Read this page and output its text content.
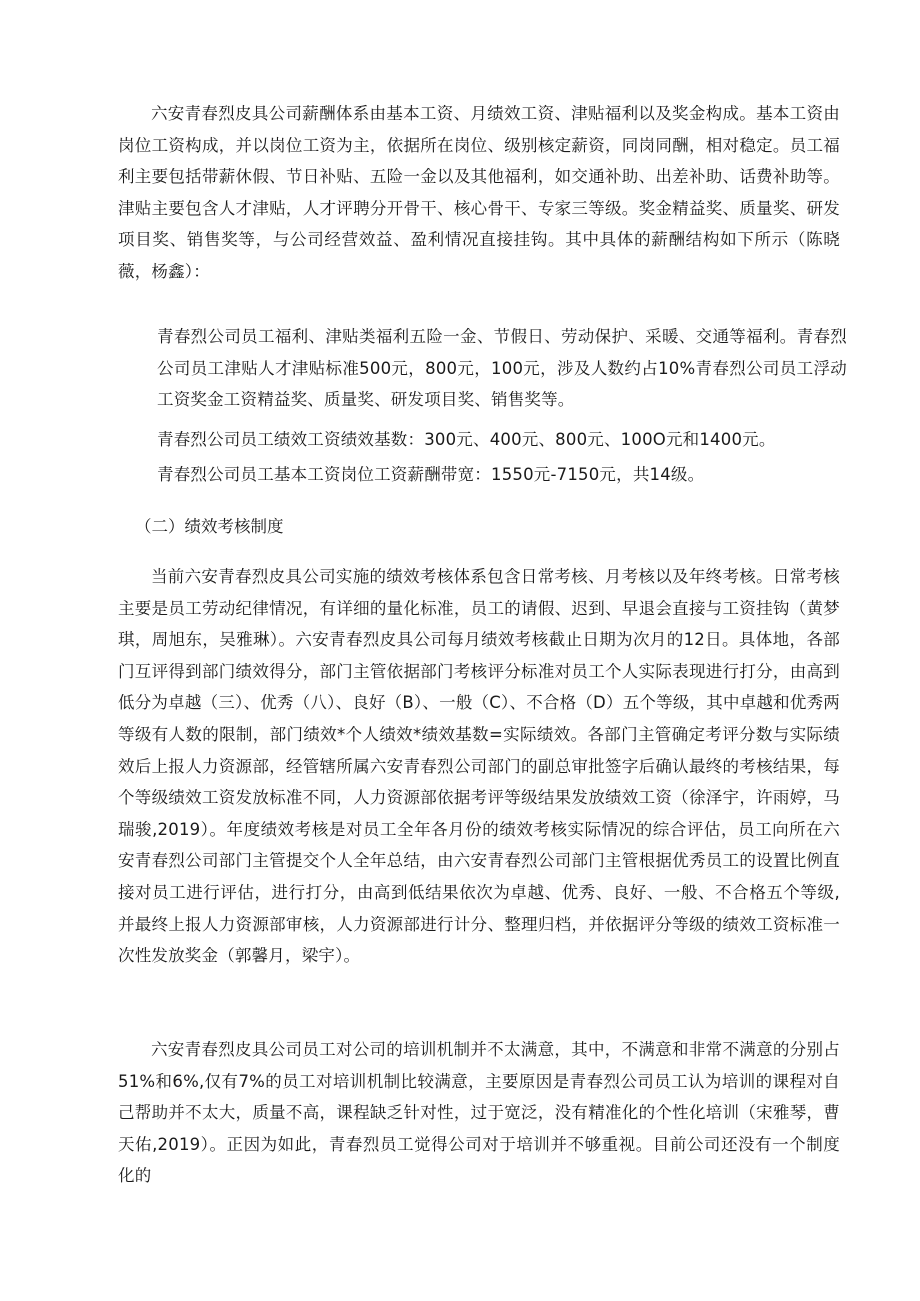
六安青春烈皮具公司薪酬体系由基本工资、月绩效工资、津贴福利以及奖金构成。基本工资由岗位工资构成，并以岗位工资为主，依据所在岗位、级别核定薪资，同岗同酬，相对稳定。员工福利主要包括带薪休假、节日补贴、五险一金以及其他福利，如交通补助、出差补助、话费补助等。津贴主要包含人才津贴，人才评聘分开骨干、核心骨干、专家三等级。奖金精益奖、质量奖、研发项目奖、销售奖等，与公司经营效益、盈利情况直接挂钩。其中具体的薪酬结构如下所示（陈晓薇，杨鑫）：

青春烈公司员工福利、津贴类福利五险一金、节假日、劳动保护、采暖、交通等福利。青春烈公司员工津贴人才津贴标准500元，800元，100元，涉及人数约占10%青春烈公司员工浮动工资奖金工资精益奖、质量奖、研发项目奖、销售奖等。

青春烈公司员工绩效工资绩效基数：300元、400元、800元、100O元和1400元。

青春烈公司员工基本工资岗位工资薪酬带宽：1550元-7150元，共14级。

（二）绩效考核制度

当前六安青春烈皮具公司实施的绩效考核体系包含日常考核、月考核以及年终考核。日常考核主要是员工劳动纪律情况，有详细的量化标准，员工的请假、迟到、早退会直接与工资挂钩（黄梦琪，周旭东，吴雅琳）。六安青春烈皮具公司每月绩效考核截止日期为次月的12日。具体地，各部门互评得到部门绩效得分，部门主管依据部门考核评分标准对员工个人实际表现进行打分，由高到低分为卓越（三）、优秀（八）、良好（B）、一般（C）、不合格（D）五个等级，其中卓越和优秀两等级有人数的限制，部门绩效*个人绩效*绩效基数=实际绩效。各部门主管确定考评分数与实际绩效后上报人力资源部，经管辖所属六安青春烈公司部门的副总审批签字后确认最终的考核结果，每个等级绩效工资发放标准不同，人力资源部依据考评等级结果发放绩效工资（徐泽宇，许雨婷，马瑞骏,2019）。年度绩效考核是对员工全年各月份的绩效考核实际情况的综合评估，员工向所在六安青春烈公司部门主管提交个人全年总结，由六安青春烈公司部门主管根据优秀员工的设置比例直接对员工进行评估，进行打分，由高到低结果依次为卓越、优秀、良好、一般、不合格五个等级,并最终上报人力资源部审核，人力资源部进行计分、整理归档，并依据评分等级的绩效工资标准一次性发放奖金（郭馨月，梁宇）。

六安青春烈皮具公司员工对公司的培训机制并不太满意，其中，不满意和非常不满意的分别占51%和6%,仅有7%的员工对培训机制比较满意，主要原因是青春烈公司员工认为培训的课程对自己帮助并不太大，质量不高，课程缺乏针对性，过于宽泛，没有精准化的个性化培训（宋雅琴，曹天佑,2019）。正因为如此，青春烈员工觉得公司对于培训并不够重视。目前公司还没有一个制度化的
